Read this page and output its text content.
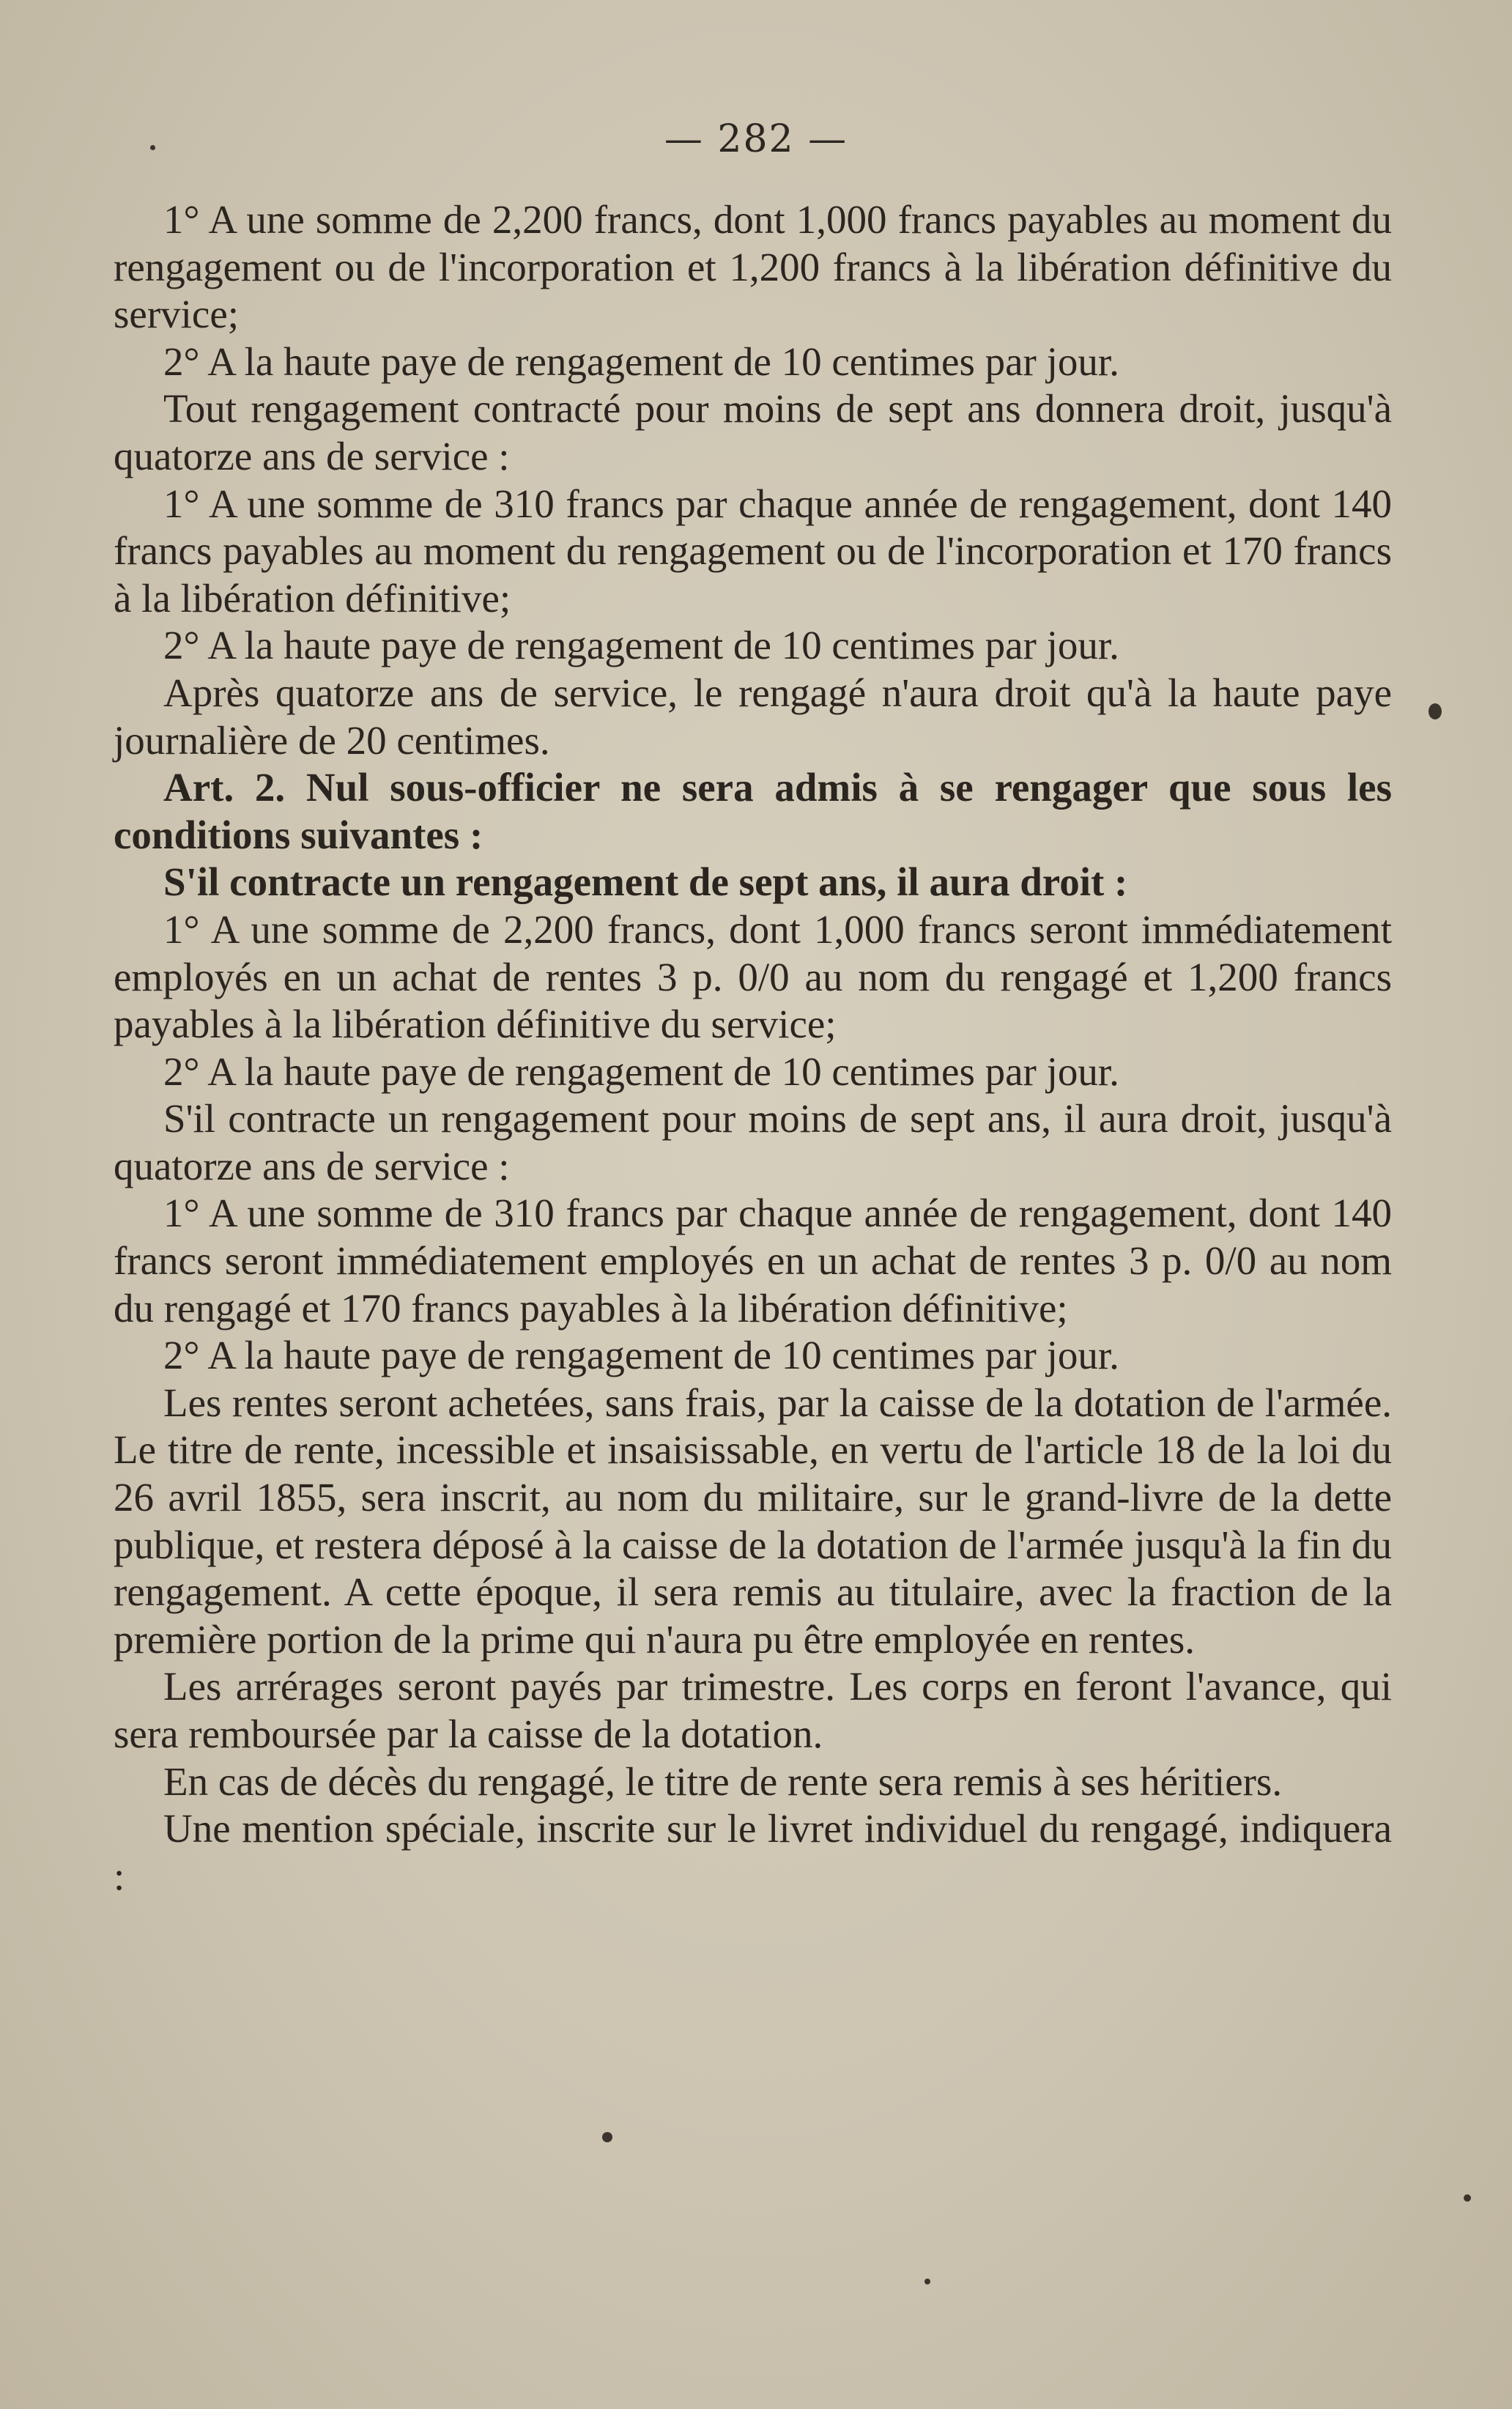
— 282 —

1° A une somme de 2,200 francs, dont 1,000 francs payables au moment du rengagement ou de l'incorporation et 1,200 francs à la libération définitive du service;

2° A la haute paye de rengagement de 10 centimes par jour.

Tout rengagement contracté pour moins de sept ans donnera droit, jusqu'à quatorze ans de service :

1° A une somme de 310 francs par chaque année de rengagement, dont 140 francs payables au moment du rengagement ou de l'incorporation et 170 francs à la libération définitive;

2° A la haute paye de rengagement de 10 centimes par jour.

Après quatorze ans de service, le rengagé n'aura droit qu'à la haute paye journalière de 20 centimes.

Art. 2. Nul sous-officier ne sera admis à se rengager que sous les conditions suivantes :

S'il contracte un rengagement de sept ans, il aura droit :

1° A une somme de 2,200 francs, dont 1,000 francs seront immédiatement employés en un achat de rentes 3 p. 0/0 au nom du rengagé et 1,200 francs payables à la libération définitive du service;

2° A la haute paye de rengagement de 10 centimes par jour.

S'il contracte un rengagement pour moins de sept ans, il aura droit, jusqu'à quatorze ans de service :

1° A une somme de 310 francs par chaque année de rengagement, dont 140 francs seront immédiatement employés en un achat de rentes 3 p. 0/0 au nom du rengagé et 170 francs payables à la libération définitive;

2° A la haute paye de rengagement de 10 centimes par jour.

Les rentes seront achetées, sans frais, par la caisse de la dotation de l'armée. Le titre de rente, incessible et insaisissable, en vertu de l'article 18 de la loi du 26 avril 1855, sera inscrit, au nom du militaire, sur le grand-livre de la dette publique, et restera déposé à la caisse de la dotation de l'armée jusqu'à la fin du rengagement. A cette époque, il sera remis au titulaire, avec la fraction de la première portion de la prime qui n'aura pu être employée en rentes.

Les arrérages seront payés par trimestre. Les corps en feront l'avance, qui sera remboursée par la caisse de la dotation.

En cas de décès du rengagé, le titre de rente sera remis à ses héritiers.

Une mention spéciale, inscrite sur le livret individuel du rengagé, indiquera :
